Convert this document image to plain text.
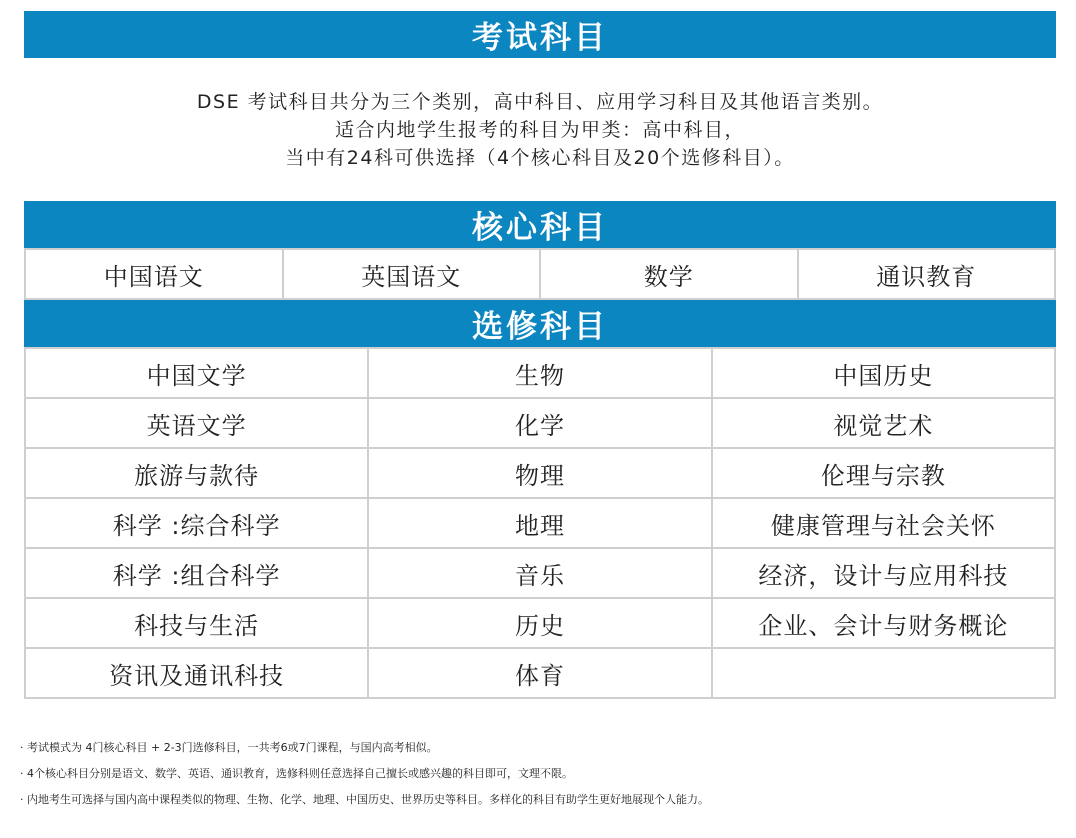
考试科目
DSE 考试科目共分为三个类别，高中科目、应用学习科目及其他语言类别。
适合内地学生报考的科目为甲类：高中科目，
当中有24科可供选择（4个核心科目及20个选修科目）。
核心科目
中国语文	英国语文	数学	通识教育
选修科目
中国文学	生物	中国历史
英语文学	化学	视觉艺术
旅游与款待	物理	伦理与宗教
科学 :综合科学	地理	健康管理与社会关怀
科学 :组合科学	音乐	经济，设计与应用科技
科技与生活	历史	企业、会计与财务概论
资讯及通讯科技	体育	
· 考试模式为 4门核心科目 + 2-3门选修科目，一共考6或7门课程，与国内高考相似。
· 4个核心科目分别是语文、数学、英语、通识教育，选修科则任意选择自己擅长或感兴趣的科目即可，文理不限。
· 内地考生可选择与国内高中课程类似的物理、生物、化学、地理、中国历史、世界历史等科目。多样化的科目有助学生更好地展现个人能力。
